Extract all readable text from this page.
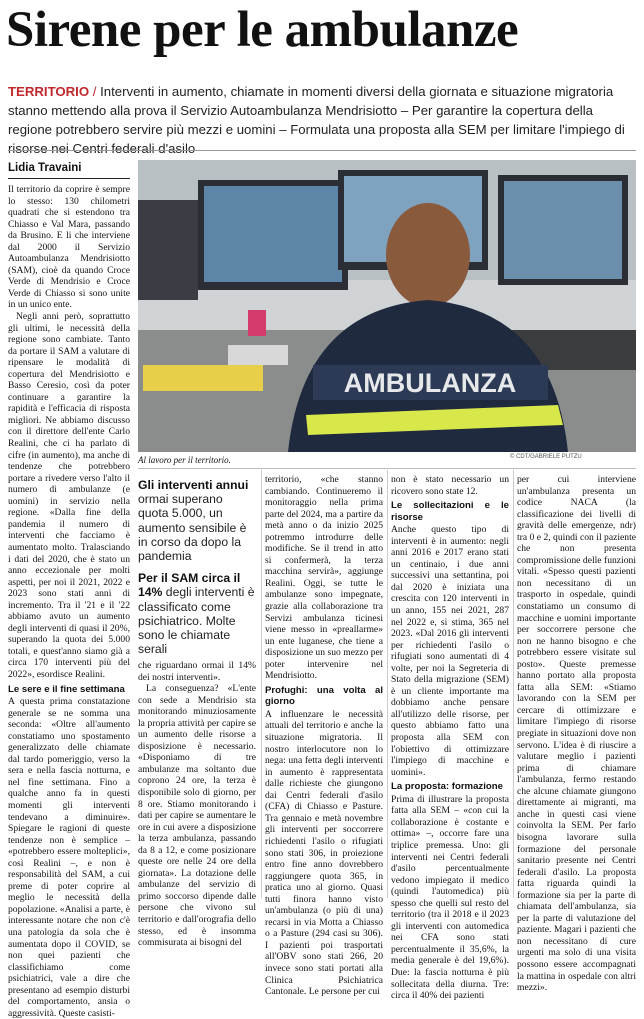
Sirene per le ambulanze
TERRITORIO / Interventi in aumento, chiamate in momenti diversi della giornata e situazione migratoria stanno mettendo alla prova il Servizio Autoambulanza Mendrisiotto – Per garantire la copertura della regione potrebbero servire più mezzi e uomini – Formulata una proposta alla SEM per limitare l'impiego di risorse nei Centri federali d'asilo
Lidia Travaini

Il territorio da coprire è sempre lo stesso: 130 chilometri quadrati che si estendono tra Chiasso e Val Mara, passando da Brusino. E li che interviene dal 2000 il Servizio Autoambulanza Mendrisiotto (SAM), cioè da quando Croce Verde di Mendrisio e Croce Verde di Chiasso si sono unite in un unico ente.

Negli anni però, soprattutto gli ultimi, le necessità della regione sono cambiate. Tanto da portare il SAM a valutare di ripensare le modalità di copertura del Mendrisiotto e Basso Ceresio, così da poter continuare a garantire la rapidità e l'efficacia di risposta migliori. Ne abbiamo discusso con il direttore dell'ente Carlo Realini, che ci ha parlato di cifre (in aumento), ma anche di tendenze che potrebbero portare a rivedere verso l'alto il numero di ambulanze (e uomini) in servizio nella regione. «Dalla fine della pandemia il numero di interventi che facciamo è aumentato molto. Tralasciando i dati del 2020, che è stato un anno eccezionale per molti aspetti, per noi il 2021, 2022 e 2023 sono stati anni di incremento. Tra il '21 e il '22 abbiamo avuto un aumento degli interventi di quasi il 20%, superando la quota dei 5.000 totali, e quest'anno siamo già a circa 170 interventi più del 2022», esordisce Realini.

Le sere e il fine settimana

A questa prima constatazione generale se ne somma una seconda: «Oltre all'aumento constatiamo uno spostamento generalizzato delle chiamate dal tardo pomeriggio, verso la sera e nella fascia notturna, e nel fine settimana. Fino a qualche anno fa in questi momenti gli interventi tendevano a diminuire». Spiegare le ragioni di queste tendenze non è semplice – «potrebbero essere molteplici», così Realini –, e non è responsabilità del SAM, a cui preme di poter coprire al meglio le necessità della popolazione. «Analisi a parte, è interessante notare che non c'è una patologia da sola che è aumentata dopo il COVID, se non quei pazienti che classifichiamo come psichiatrici, vale a dire che presentano ad esempio disturbi del comportamento, ansia o aggressività. Queste casisti-

AMBULANZA
© CDT/GABRIELE PUTZU
Al lavoro per il territorio.
Gli interventi annui ormai superano quota 5.000, un aumento sensibile è in corso da dopo la pandemia
Per il SAM circa il 14% degli interventi è classificato come psichiatrico. Molte sono le chiamate serali

che riguardano ormai il 14% dei nostri interventi».

La conseguenza? «L'ente con sede a Mendrisio sta monitorando minuziosamente la propria attività per capire se un aumento delle risorse a disposizione è necessario. «Disponiamo di tre ambulanze ma soltanto due coprono 24 ore, la terza è disponibile solo di giorno, per 8 ore. Stiamo monitorando i dati per capire se aumentare le ore in cui avere a disposizione la terza ambulanza, passando da 8 a 12, e come posizionare queste ore nelle 24 ore della giornata». La dotazione delle ambulanze del servizio di primo soccorso dipende dalle persone che vivono sul territorio e dall'orografia dello stesso, ed è insomma commisurata ai bisogni del

territorio, «che stanno cambiando. Continueremo il monitoraggio nella prima parte del 2024, ma a partire da metà anno o da inizio 2025 potremmo introdurre delle modifiche. Se il trend in atto si confermerà, la terza macchina servirà», aggiunge Realini. Oggi, se tutte le ambulanze sono impegnate, grazie alla collaborazione tra Servizi ambulanza ticinesi viene messo in «preallarme» un ente luganese, che tiene a disposizione un suo mezzo per poter intervenire nel Mendrisiotto.

Profughi: una volta al giorno

A influenzare le necessità attuali del territorio e anche la situazione migratoria. Il nostro interlocutore non lo nega: una fetta degli interventi in aumento è rappresentata dalle richieste che giungono dai Centri federali d'asilo (CFA) di Chiasso e Pasture. Tra gennaio e metà novembre gli interventi per soccorrere richiedenti l'asilo o rifugiati sono stati 306, in proiezione entro fine anno dovrebbero raggiungere quota 365, in pratica uno al giorno. Quasi tutti finora hanno visto un'ambulanza (o più di una) recarsi in via Motta a Chiasso o a Pasture (294 casi su 306). I pazienti poi trasportati all'OBV sono stati 266, 20 invece sono stati portati alla Clinica Psichiatrica Cantonale. Le persone per cui

non è stato necessario un ricovero sono state 12.

Le sollecitazioni e le risorse

Anche questo tipo di interventi è in aumento: negli anni 2016 e 2017 erano stati un centinaio, i due anni successivi una settantina, poi dal 2020 è iniziata una crescita con 120 interventi in un anno, 155 nei 2021, 287 nel 2022 e, si stima, 365 nel 2023. «Dal 2016 gli interventi per richiedenti l'asilo o rifugiati sono aumentati di 4 volte, per noi la Segreteria di Stato della migrazione (SEM) è un cliente importante ma dobbiamo anche pensare all'utilizzo delle risorse, per questo abbiamo fatto una proposta alla SEM con l'obiettivo di ottimizzare l'impiego di macchine e uomini».

La proposta: formazione

Prima di illustrare la proposta fatta alla SEM – «con cui la collaborazione è costante e ottima» –, occorre fare una triplice premessa. Uno: gli interventi nei Centri federali d'asilo percentualmente vedono impiegato il medico (quindi l'automedica) più spesso che quelli sul resto del territorio (tra il 2018 e il 2023 gli interventi con automedica nei CFA sono stati percentualmente il 35,6%, la media generale è del 19,6%). Due: la fascia notturna è più sollecitata della diurna. Tre: circa il 40% dei pazienti

per cui interviene un'ambulanza presenta un codice NACA (la classificazione dei livelli di gravità delle emergenze, ndr) tra 0 e 2, quindi con il paziente che non presenta compromissione delle funzioni vitali. «Spesso questi pazienti non necessitano di un trasporto in ospedale, quindi constatiamo un consumo di macchine e uomini importante per soccorrere persone che non ne hanno bisogno e che potrebbero essere visitate sul posto». Queste premesse hanno portato alla proposta fatta alla SEM: «Stiamo lavorando con la SEM per cercare di ottimizzare e limitare l'impiego di risorse pregiate in situazioni dove non servono. L'idea è di riuscire a valutare meglio i pazienti prima di chiamare l'ambulanza, fermo restando che alcune chiamate giungono direttamente ai migranti, ma anche in questi casi viene coinvolta la SEM. Per farlo bisogna lavorare sulla formazione del personale sanitario presente nei Centri federali d'asilo. La proposta fatta riguarda quindi la formazione sia per la parte di chiamata dell'ambulanza, sia per la parte di valutazione del paziente. Magari i pazienti che non necessitano di cure urgenti ma solo di una visita possono essere accompagnati la mattina in ospedale con altri mezzi».
